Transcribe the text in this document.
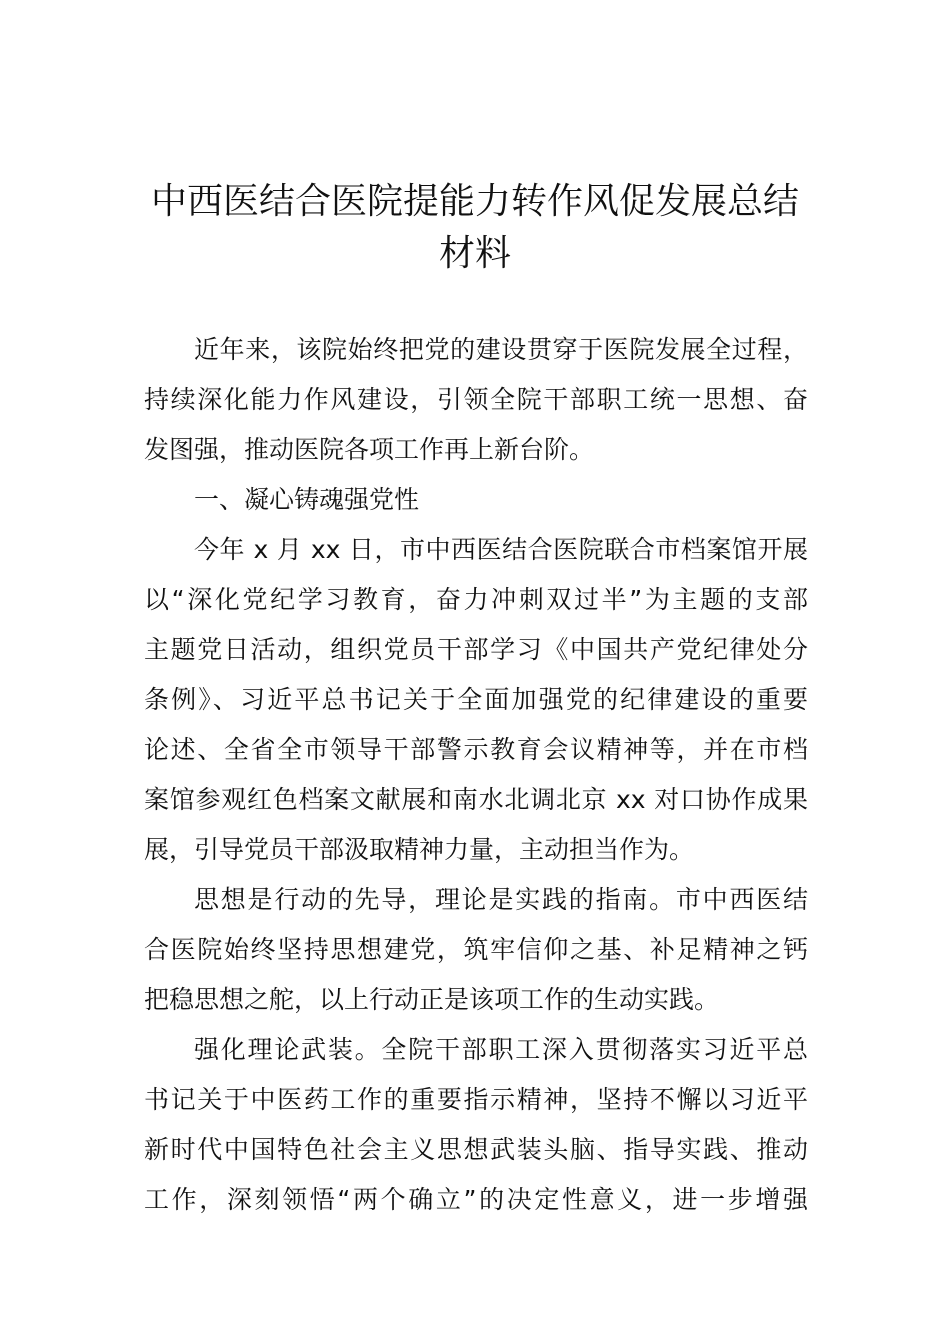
中西医结合医院提能力转作风促发展总结
材料
近年来，该院始终把党的建设贯穿于医院发展全过程，
持续深化能力作风建设，引领全院干部职工统一思想、奋
发图强，推动医院各项工作再上新台阶。
一、凝心铸魂强党性
今年 x 月 xx 日，市中西医结合医院联合市档案馆开展
以“深化党纪学习教育，奋力冲刺双过半”为主题的支部
主题党日活动，组织党员干部学习《中国共产党纪律处分
条例》、习近平总书记关于全面加强党的纪律建设的重要
论述、全省全市领导干部警示教育会议精神等，并在市档
案馆参观红色档案文献展和南水北调北京 xx 对口协作成果
展，引导党员干部汲取精神力量，主动担当作为。
思想是行动的先导，理论是实践的指南。市中西医结
合医院始终坚持思想建党，筑牢信仰之基、补足精神之钙
把稳思想之舵，以上行动正是该项工作的生动实践。
强化理论武装。全院干部职工深入贯彻落实习近平总
书记关于中医药工作的重要指示精神，坚持不懈以习近平
新时代中国特色社会主义思想武装头脑、指导实践、推动
工作，深刻领悟“两个确立”的决定性意义，进一步增强
